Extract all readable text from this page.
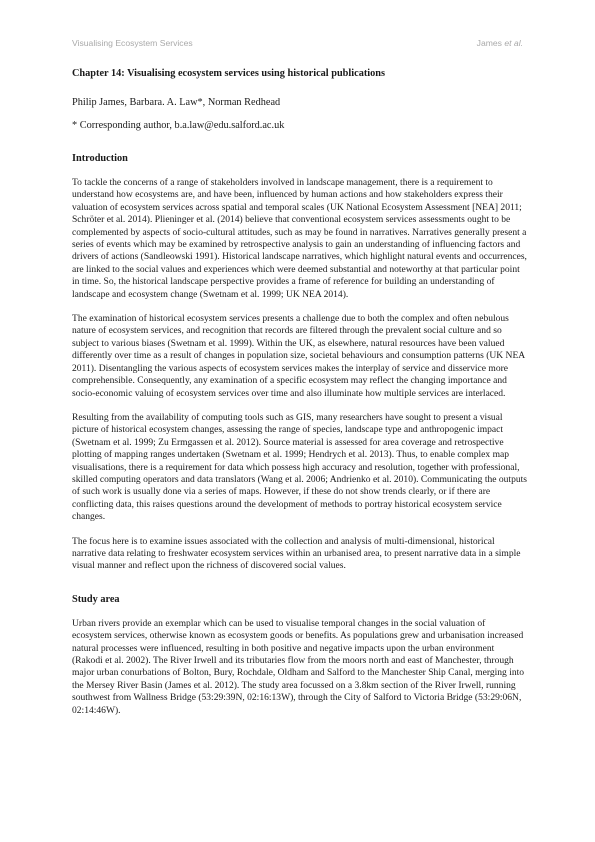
Visualising Ecosystem Services	James et al.
Chapter 14: Visualising ecosystem services using historical publications

Philip James, Barbara. A. Law*, Norman Redhead

* Corresponding author, b.a.law@edu.salford.ac.uk

Introduction

To tackle the concerns of a range of stakeholders involved in landscape management, there is a requirement to understand how ecosystems are, and have been, influenced by human actions and how stakeholders express their valuation of ecosystem services across spatial and temporal scales (UK National Ecosystem Assessment [NEA] 2011; Schröter et al. 2014). Plieninger et al. (2014) believe that conventional ecosystem services assessments ought to be complemented by aspects of socio-cultural attitudes, such as may be found in narratives. Narratives generally present a series of events which may be examined by retrospective analysis to gain an understanding of influencing factors and drivers of actions (Sandleowski 1991). Historical landscape narratives, which highlight natural events and occurrences, are linked to the social values and experiences which were deemed substantial and noteworthy at that particular point in time. So, the historical landscape perspective provides a frame of reference for building an understanding of landscape and ecosystem change (Swetnam et al. 1999; UK NEA 2014).

The examination of historical ecosystem services presents a challenge due to both the complex and often nebulous nature of ecosystem services, and recognition that records are filtered through the prevalent social culture and so subject to various biases (Swetnam et al. 1999). Within the UK, as elsewhere, natural resources have been valued differently over time as a result of changes in population size, societal behaviours and consumption patterns (UK NEA 2011). Disentangling the various aspects of ecosystem services makes the interplay of service and disservice more comprehensible. Consequently, any examination of a specific ecosystem may reflect the changing importance and socio-economic valuing of ecosystem services over time and also illuminate how multiple services are interlaced.

Resulting from the availability of computing tools such as GIS, many researchers have sought to present a visual picture of historical ecosystem changes, assessing the range of species, landscape type and anthropogenic impact (Swetnam et al. 1999; Zu Ermgassen et al. 2012). Source material is assessed for area coverage and retrospective plotting of mapping ranges undertaken (Swetnam et al. 1999; Hendrych et al. 2013). Thus, to enable complex map visualisations, there is a requirement for data which possess high accuracy and resolution, together with professional, skilled computing operators and data translators (Wang et al. 2006; Andrienko et al. 2010). Communicating the outputs of such work is usually done via a series of maps. However, if these do not show trends clearly, or if there are conflicting data, this raises questions around the development of methods to portray historical ecosystem service changes.

The focus here is to examine issues associated with the collection and analysis of multi-dimensional, historical narrative data relating to freshwater ecosystem services within an urbanised area, to present narrative data in a simple visual manner and reflect upon the richness of discovered social values.

Study area

Urban rivers provide an exemplar which can be used to visualise temporal changes in the social valuation of ecosystem services, otherwise known as ecosystem goods or benefits. As populations grew and urbanisation increased natural processes were influenced, resulting in both positive and negative impacts upon the urban environment (Rakodi et al. 2002). The River Irwell and its tributaries flow from the moors north and east of Manchester, through major urban conurbations of Bolton, Bury, Rochdale, Oldham and Salford to the Manchester Ship Canal, merging into the Mersey River Basin (James et al. 2012). The study area focussed on a 3.8km section of the River Irwell, running southwest from Wallness Bridge (53:29:39N, 02:16:13W), through the City of Salford to Victoria Bridge (53:29:06N, 02:14:46W).
